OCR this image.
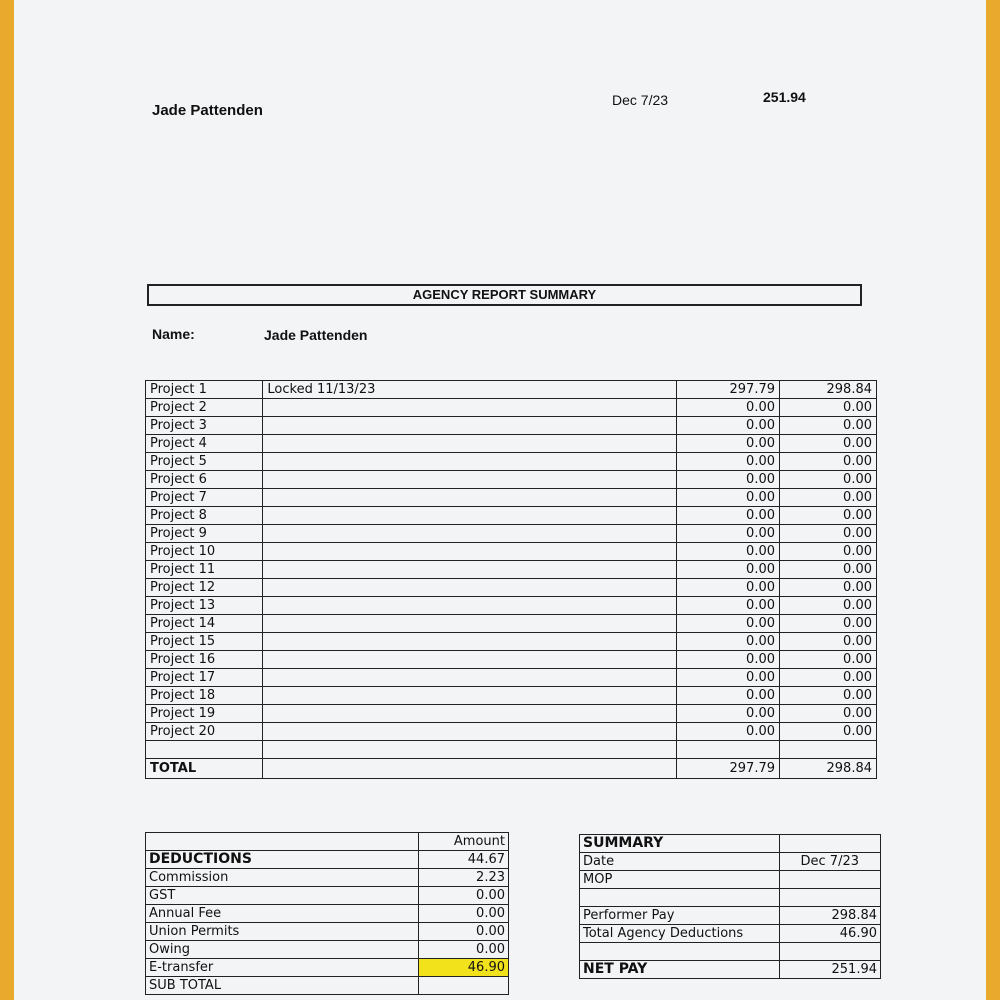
Jade Pattenden
Dec 7/23	251.94
AGENCY REPORT SUMMARY
Name:	Jade Pattenden
Project 1	Locked 11/13/23	297.79	298.84
Project 2		0.00	0.00
Project 3		0.00	0.00
Project 4		0.00	0.00
Project 5		0.00	0.00
Project 6		0.00	0.00
Project 7		0.00	0.00
Project 8		0.00	0.00
Project 9		0.00	0.00
Project 10		0.00	0.00
Project 11		0.00	0.00
Project 12		0.00	0.00
Project 13		0.00	0.00
Project 14		0.00	0.00
Project 15		0.00	0.00
Project 16		0.00	0.00
Project 17		0.00	0.00
Project 18		0.00	0.00
Project 19		0.00	0.00
Project 20		0.00	0.00

TOTAL		297.79	298.84
	Amount
DEDUCTIONS	44.67
Commission	2.23
GST	0.00
Annual Fee	0.00
Union Permits	0.00
Owing	0.00
E-transfer	46.90
SUB TOTAL	
SUMMARY	
Date	Dec 7/23
MOP	

Performer Pay	298.84
Total Agency Deductions	46.90

NET PAY	251.94
